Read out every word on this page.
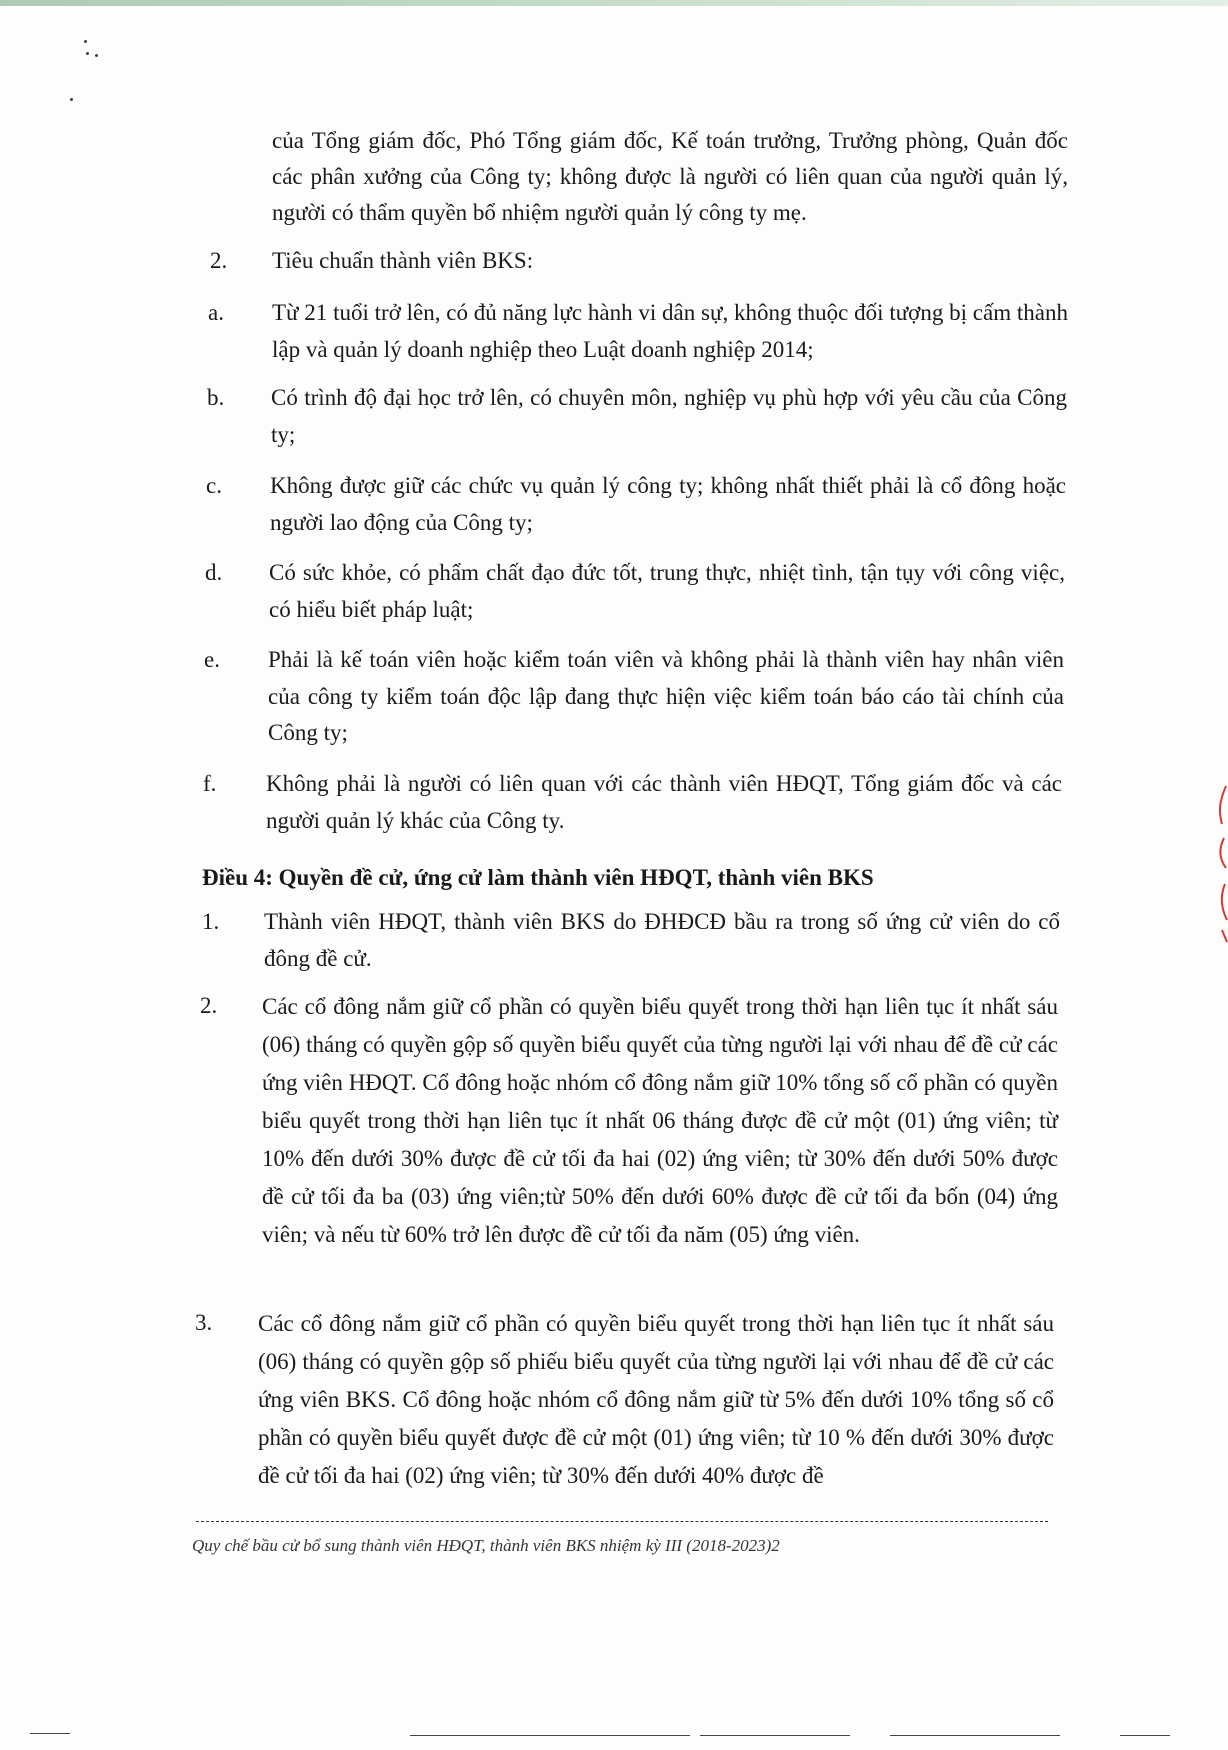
của Tổng giám đốc, Phó Tổng giám đốc, Kế toán trưởng, Trưởng phòng, Quản đốc các phân xưởng của Công ty; không được là người có liên quan của người quản lý, người có thẩm quyền bổ nhiệm người quản lý công ty mẹ.
2. Tiêu chuẩn thành viên BKS:
a. Từ 21 tuổi trở lên, có đủ năng lực hành vi dân sự, không thuộc đối tượng bị cấm thành lập và quản lý doanh nghiệp theo Luật doanh nghiệp 2014;
b. Có trình độ đại học trở lên, có chuyên môn, nghiệp vụ phù hợp với yêu cầu của Công ty;
c. Không được giữ các chức vụ quản lý công ty; không nhất thiết phải là cổ đông hoặc người lao động của Công ty;
d. Có sức khỏe, có phẩm chất đạo đức tốt, trung thực, nhiệt tình, tận tụy với công việc, có hiểu biết pháp luật;
e. Phải là kế toán viên hoặc kiểm toán viên và không phải là thành viên hay nhân viên của công ty kiểm toán độc lập đang thực hiện việc kiểm toán báo cáo tài chính của Công ty;
f. Không phải là người có liên quan với các thành viên HĐQT, Tổng giám đốc và các người quản lý khác của Công ty.
Điều 4: Quyền đề cử, ứng cử làm thành viên HĐQT, thành viên BKS
1. Thành viên HĐQT, thành viên BKS do ĐHĐCĐ bầu ra trong số ứng cử viên do cổ đông đề cử.
2. Các cổ đông nắm giữ cổ phần có quyền biểu quyết trong thời hạn liên tục ít nhất sáu (06) tháng có quyền gộp số quyền biểu quyết của từng người lại với nhau để đề cử các ứng viên HĐQT. Cổ đông hoặc nhóm cổ đông nắm giữ 10% tổng số cổ phần có quyền biểu quyết trong thời hạn liên tục ít nhất 06 tháng được đề cử một (01) ứng viên; từ 10% đến dưới 30% được đề cử tối đa hai (02) ứng viên; từ 30% đến dưới 50% được đề cử tối đa ba (03) ứng viên;từ 50% đến dưới 60% được đề cử tối đa bốn (04) ứng viên; và nếu từ 60% trở lên được đề cử tối đa năm (05) ứng viên.
3. Các cổ đông nắm giữ cổ phần có quyền biểu quyết trong thời hạn liên tục ít nhất sáu (06) tháng có quyền gộp số phiếu biểu quyết của từng người lại với nhau để đề cử các ứng viên BKS. Cổ đông hoặc nhóm cổ đông nắm giữ từ 5% đến dưới 10% tổng số cổ phần có quyền biểu quyết được đề cử một (01) ứng viên; từ 10 % đến dưới 30% được đề cử tối đa hai (02) ứng viên; từ 30% đến dưới 40% được đề
Quy chế bầu cử bổ sung thành viên HĐQT, thành viên BKS nhiệm kỳ III (2018-2023)2
